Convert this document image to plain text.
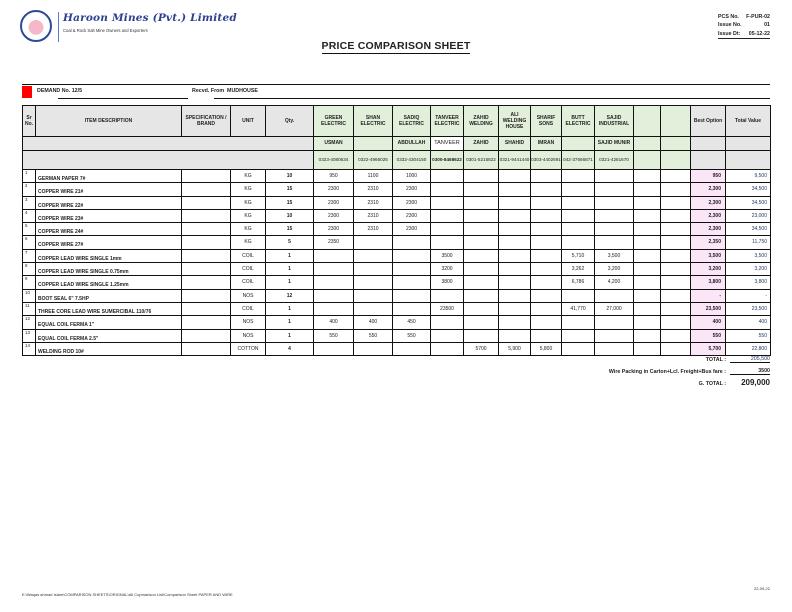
Haroon Mines (Pvt.) Limited
Coal & Rock Salt Mine Owners and Exporters
PCS No. F-PUR-02
Issue No.	01
Issue Dt: 05-12-22
PRICE COMPARISON SHEET
DEMAND No. 12/5	Recvd. From MUDHOUSE
Sr No.	ITEM DESCRIPTION	SPECIFICATION / BRAND	UNIT	Qty.	GREEN ELECTRIC	SHAN ELECTRIC	SADIQ ELECTRIC	TANVEER ELECTRIC	ZAHID WELDING	ALI WELDING HOUSE	SHARIF SONS	BUTT ELECTRIC	SAJID INDUSTRIAL			Best Option	Total Value
					USMAN		ABDULLAH	TANVEER	ZAHID	SHAHID	IMRAN		SAJID MUNIR				
					0323-4080634	0322-4966025	0332-4304150	0300-8468622	0301-5215822	0321-9441440	0303-4402691	042-37666871	0321-4281670				
1	GERMAN PAPER 7#		KG	10	950	1100	1000									950	9,500
2	COPPER WIRE 21#		KG	15	2300	2310	2300									2,300	34,500
3	COPPER WIRE 22#		KG	15	2300	2310	2300									2,300	34,500
4	COPPER WIRE 23#		KG	10	2300	2310	2300									2,300	23,000
5	COPPER WIRE 24#		KG	15	2300	2310	2300									2,300	34,500
6	COPPER WIRE 27#		KG	5	2350											2,350	11,750
7	COPPER LEAD WIRE SINGLE 1mm		COIL	1				3500				5,710	3,500			3,500	3,500
8	COPPER LEAD WIRE SINGLE 0.75mm		COIL	1				3200				3,262	3,200			3,200	3,200
9	COPPER LEAD WIRE SINGLE 1.25mm		COIL	1				3800				6,786	4,200			3,800	3,800
10	BOOT SEAL 6" 7.5HP		NOS	12												-	-
11	THREE CORE LEAD WIRE SUMERCIBAL 110/76		COIL	1				23500				41,770	27,000			23,500	23,500
12	EQUAL COIL FERMA 1"		NOS	1	400	400	450									400	400
13	EQUAL COIL FERMA 2.5"		NOS	1	550	550	550									550	550
14	WELDING ROD 10#		COTTON	4					5700	5,900	5,800					5,700	22,800
TOTAL :	205,500
Wire Packing in Carton+Lcl. Freight+Bus fare :	3500
G. TOTAL :	209,000
E:\Waqas ahmad Islam\COMPARISON SHEETS\ORIGNAL\All Copmarison List\Comparison Sheet PAPER AND WIRE
22-09-22
